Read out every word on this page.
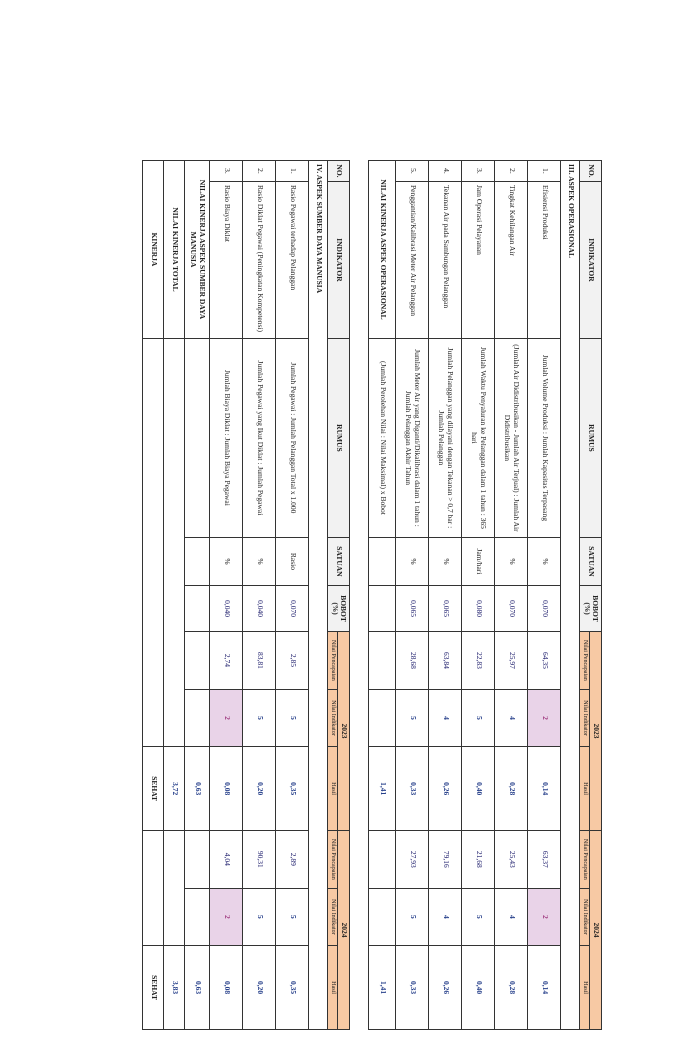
NO.	INDIKATOR	RUMUS	SATUAN	BOBOT (%)	2023			2024		
					Nilai Pencapaian	Nilai Indikator	Hasil	Nilai Pencapaian	Nilai Indikator	Hasil
III. ASPEK OPERASIONAL										
1.	Efisiensi Produksi	Jumlah Volume Produksi : Jumlah Kapasitas Terpasang	%	0,070	64,35	2	0,14	63,37	2	0,14
2.	Tingkat Kehilangan Air	(Jumlah Air Didistribusikan - Jumlah Air Terjual) : Jumlah Air Didistribusikan	%	0,070	25,97	4	0,28	25,43	4	0,28
3.	Jam Operasi Pelayanan	Jumlah Waktu Penyaluran ke Pelanggan dalam 1 tahun : 365 hari	Jam/hari	0,080	22,83	5	0,40	21,68	5	0,40
4.	Tekanan Air pada Sambungan Pelanggan	Jumlah Pelanggan yang dilayani dengan Tekanan > 0,7 bar : Jumlah Pelanggan	%	0,065	63,84	4	0,26	79,16	4	0,26
5.	Penggantian/Kalibrasi Meter Air Pelanggan	Jumlah Meter Air yang Diganti/Dikalibrasi dalam 1 tahun : Jumlah Pelanggan Akhir Tahun	%	0,065	28,68	5	0,33	27,93	5	0,33
NILAI KINERJA ASPEK OPERASIONAL		(Jumlah Perolehan Nilai : Nilai Maksimal) x Bobot					1,41			1,41
NO.	INDIKATOR	RUMUS	SATUAN	BOBOT (%)	2023			2024		
					Nilai Pencapaian	Nilai Indikator	Hasil	Nilai Pencapaian	Nilai Indikator	Hasil
IV. ASPEK SUMBER DAYA MANUSIA										
1.	Rasio Pegawai terhadap Pelanggan	Jumlah Pegawai : Jumlah Pelanggan Total x 1.000	Rasio	0,070	2,85	5	0,35	2,89	5	0,35
2.	Rasio Diklat Pegawai (Peningkatan Kompetensi)	Jumlah Pegawai yang Ikut Diklat : Jumlah Pegawai	%	0,040	83,81	5	0,20	90,31	5	0,20
3.	Rasio Biaya Diklat	Jumlah Biaya Diklat : Jumlah Biaya Pegawai	%	0,040	2,74	2	0,08	4,04	2	0,08
NILAI KINERJA ASPEK SUMBER DAYA MANUSIA							0,63			0,63
NILAI KINERJA TOTAL							3,72			3,83
KINERJA							SEHAT			SEHAT
